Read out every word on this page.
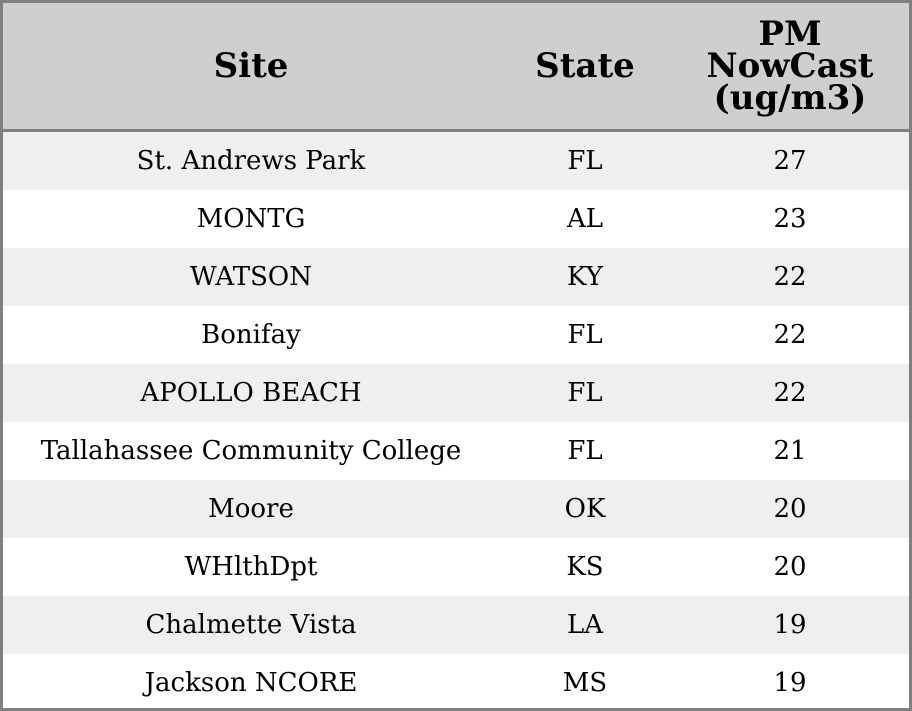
Site	State	PM
NowCast
(ug/m3)

St. Andrews Park	FL	27
MONTG	AL	23
WATSON	KY	22
Bonifay	FL	22
APOLLO BEACH	FL	22
Tallahassee Community College	FL	21
Moore	OK	20
WHlthDpt	KS	20
Chalmette Vista	LA	19
Jackson NCORE	MS	19
